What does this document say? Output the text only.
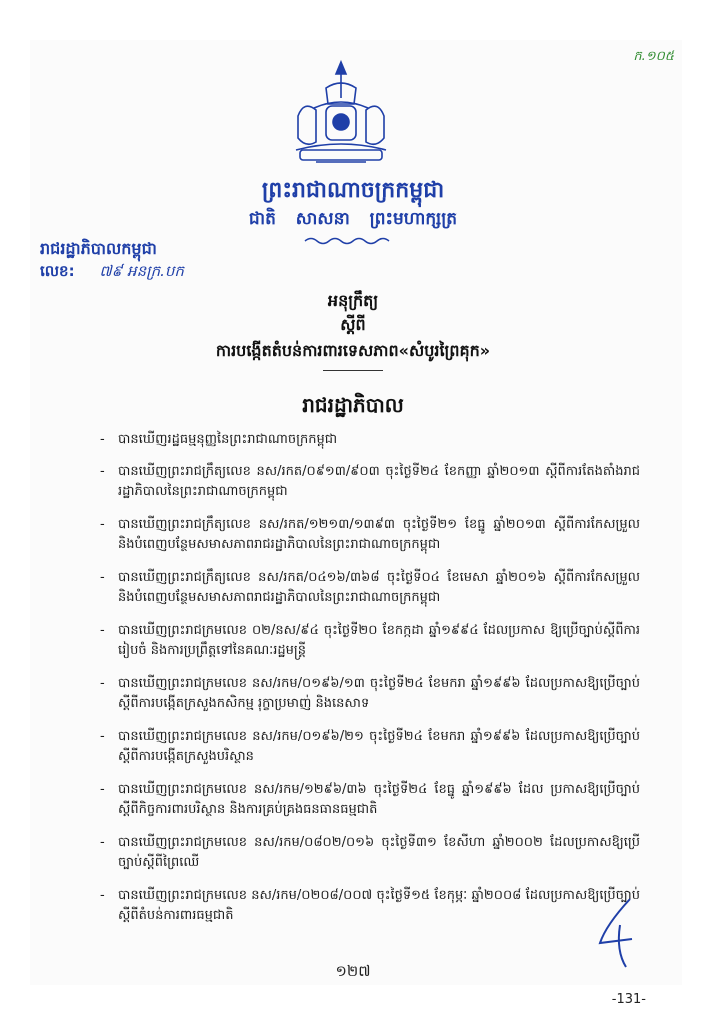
ក.១០៥
ព្រះរាជាណាចក្រកម្ពុជា
ជាតិ សាសនា ព្រះមហាក្សត្រ
រាជរដ្ឋាភិបាលកម្ពុជា
លេខ: ៧៩ អនក្រ.បក
អនុក្រឹត្យ
ស្តីពី
ការបង្កើតតំបន់ការពារទេសភាព«សំបូរព្រៃគុក»
រាជរដ្ឋាភិបាល
- បានឃើញរដ្ឋធម្មនុញ្ញនៃព្រះរាជាណាចក្រកម្ពុជា
- បានឃើញព្រះរាជក្រឹត្យលេខ នស/រកត/០៩១៣/៩០៣ ចុះថ្ងៃទី២៤ ខែកញ្ញា ឆ្នាំ២០១៣ ស្តីពីការតែងតាំងរាជរដ្ឋាភិបាលនៃព្រះរាជាណាចក្រកម្ពុជា
- បានឃើញព្រះរាជក្រឹត្យលេខ នស/រកត/១២១៣/១៣៩៣ ចុះថ្ងៃទី២១ ខែធ្នូ ឆ្នាំ២០១៣ ស្តីពីការកែសម្រួល និងបំពេញបន្ថែមសមាសភាពរាជរដ្ឋាភិបាលនៃព្រះរាជាណាចក្រកម្ពុជា
- បានឃើញព្រះរាជក្រឹត្យលេខ នស/រកត/០៤១៦/៣៦៨ ចុះថ្ងៃទី០៤ ខែមេសា ឆ្នាំ២០១៦ ស្តីពីការកែសម្រួល និងបំពេញបន្ថែមសមាសភាពរាជរដ្ឋាភិបាលនៃព្រះរាជាណាចក្រកម្ពុជា
- បានឃើញព្រះរាជក្រមលេខ ០២/នស/៩៤ ចុះថ្ងៃទី២០ ខែកក្កដា ឆ្នាំ១៩៩៤ ដែលប្រកាស ឱ្យប្រើច្បាប់ស្តីពីការរៀបចំ និងការប្រព្រឹត្តទៅនៃគណៈរដ្ឋមន្ត្រី
- បានឃើញព្រះរាជក្រមលេខ នស/រកម/០១៩៦/១៣ ចុះថ្ងៃទី២៤ ខែមករា ឆ្នាំ១៩៩៦ ដែលប្រកាសឱ្យប្រើច្បាប់ស្តីពីការបង្កើតក្រសួងកសិកម្ម រុក្ខាប្រមាញ់ និងនេសាទ
- បានឃើញព្រះរាជក្រមលេខ នស/រកម/០១៩៦/២១ ចុះថ្ងៃទី២៤ ខែមករា ឆ្នាំ១៩៩៦ ដែលប្រកាសឱ្យប្រើច្បាប់ស្តីពីការបង្កើតក្រសួងបរិស្ថាន
- បានឃើញព្រះរាជក្រមលេខ នស/រកម/១២៩៦/៣៦ ចុះថ្ងៃទី២៤ ខែធ្នូ ឆ្នាំ១៩៩៦ ដែល ប្រកាសឱ្យប្រើច្បាប់ស្តីពីកិច្ចការពារបរិស្ថាន និងការគ្រប់គ្រងធនធានធម្មជាតិ
- បានឃើញព្រះរាជក្រមលេខ នស/រកម/០៨០២/០១៦ ចុះថ្ងៃទី៣១ ខែសីហា ឆ្នាំ២០០២ ដែលប្រកាសឱ្យប្រើច្បាប់ស្តីពីព្រៃឈើ
- បានឃើញព្រះរាជក្រមលេខ នស/រកម/០២០៨/០០៧ ចុះថ្ងៃទី១៥ ខែកុម្ភៈ ឆ្នាំ២០០៨ ដែលប្រកាសឱ្យប្រើច្បាប់ស្តីពីតំបន់ការពារធម្មជាតិ
១២៧
-131-
